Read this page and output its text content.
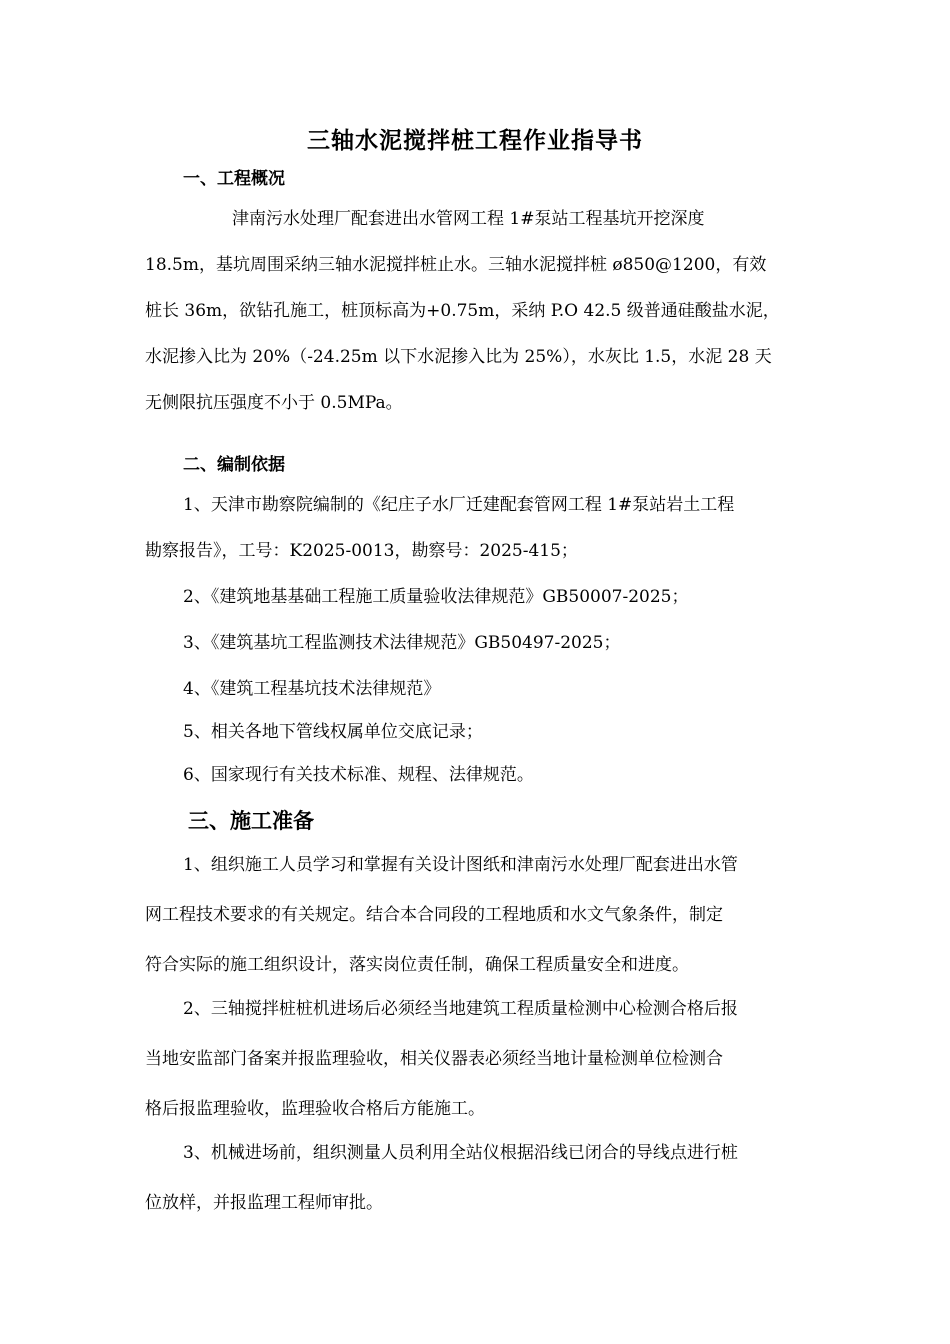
三轴水泥搅拌桩工程作业指导书
一、工程概况
津南污水处理厂配套进出水管网工程 1#泵站工程基坑开挖深度
18.5m，基坑周围采纳三轴水泥搅拌桩止水。三轴水泥搅拌桩 ø850@1200，有效
桩长 36m，欲钻孔施工，桩顶标高为+0.75m，采纳 P.O 42.5 级普通硅酸盐水泥，
水泥掺入比为 20%（-24.25m 以下水泥掺入比为 25%），水灰比 1.5，水泥 28 天
无侧限抗压强度不小于 0.5MPa。
二、编制依据
1、天津市勘察院编制的《纪庄子水厂迁建配套管网工程 1#泵站岩土工程
勘察报告》，工号：K2025-0013，勘察号：2025-415；
2、《建筑地基基础工程施工质量验收法律规范》GB50007-2025；
3、《建筑基坑工程监测技术法律规范》GB50497-2025；
4、《建筑工程基坑技术法律规范》
5、相关各地下管线权属单位交底记录；
6、国家现行有关技术标准、规程、法律规范。
三、施工准备
1、组织施工人员学习和掌握有关设计图纸和津南污水处理厂配套进出水管
网工程技术要求的有关规定。结合本合同段的工程地质和水文气象条件，制定
符合实际的施工组织设计，落实岗位责任制，确保工程质量安全和进度。
2、三轴搅拌桩桩机进场后必须经当地建筑工程质量检测中心检测合格后报
当地安监部门备案并报监理验收，相关仪器表必须经当地计量检测单位检测合
格后报监理验收，监理验收合格后方能施工。
3、机械进场前，组织测量人员利用全站仪根据沿线已闭合的导线点进行桩
位放样，并报监理工程师审批。
